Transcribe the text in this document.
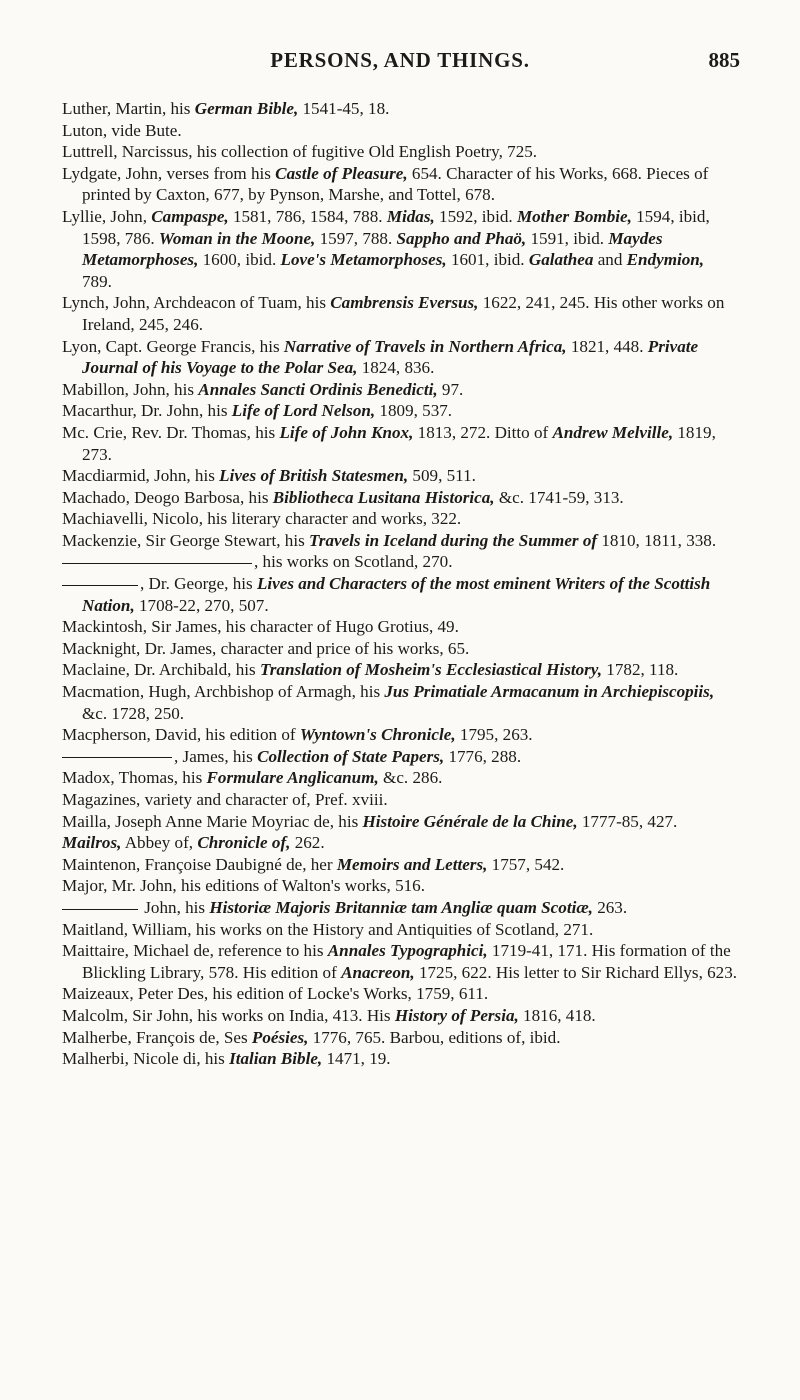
PERSONS, AND THINGS.	885

Luther, Martin, his German Bible, 1541-45, 18.

Luton, vide Bute.

Luttrell, Narcissus, his collection of fugitive Old English Poetry, 725.

Lydgate, John, verses from his Castle of Pleasure, 654. Character of his Works, 668. Pieces of printed by Caxton, 677, by Pynson, Marshe, and Tottel, 678.

Lyllie, John, Campaspe, 1581, 786, 1584, 788. Midas, 1592, ibid. Mother Bombie, 1594, ibid, 1598, 786. Woman in the Moone, 1597, 788. Sappho and Phaö, 1591, ibid. Maydes Metamorphoses, 1600, ibid. Love's Metamorphoses, 1601, ibid. Galathea and Endymion, 789.

Lynch, John, Archdeacon of Tuam, his Cambrensis Eversus, 1622, 241, 245. His other works on Ireland, 245, 246.

Lyon, Capt. George Francis, his Narrative of Travels in Northern Africa, 1821, 448. Private Journal of his Voyage to the Polar Sea, 1824, 836.

Mabillon, John, his Annales Sancti Ordinis Benedicti, 97.

Macarthur, Dr. John, his Life of Lord Nelson, 1809, 537.

Mc. Crie, Rev. Dr. Thomas, his Life of John Knox, 1813, 272. Ditto of Andrew Melville, 1819, 273.

Macdiarmid, John, his Lives of British Statesmen, 509, 511.

Machado, Deogo Barbosa, his Bibliotheca Lusitana Historica, &c. 1741-59, 313.

Machiavelli, Nicolo, his literary character and works, 322.

Mackenzie, Sir George Stewart, his Travels in Iceland during the Summer of 1810, 1811, 338.

, his works on Scotland, 270.

, Dr. George, his Lives and Characters of the most eminent Writers of the Scottish Nation, 1708-22, 270, 507.

Mackintosh, Sir James, his character of Hugo Grotius, 49.

Macknight, Dr. James, character and price of his works, 65.

Maclaine, Dr. Archibald, his Translation of Mosheim's Ecclesiastical History, 1782, 118.

Macmation, Hugh, Archbishop of Armagh, his Jus Primatiale Armacanum in Archiepiscopiis, &c. 1728, 250.

Macpherson, David, his edition of Wyntown's Chronicle, 1795, 263.

, James, his Collection of State Papers, 1776, 288.

Madox, Thomas, his Formulare Anglicanum, &c. 286.

Magazines, variety and character of, Pref. xviii.

Mailla, Joseph Anne Marie Moyriac de, his Histoire Générale de la Chine, 1777-85, 427.

Mailros, Abbey of, Chronicle of, 262.

Maintenon, Françoise Daubigné de, her Memoirs and Letters, 1757, 542.

Major, Mr. John, his editions of Walton's works, 516.

John, his Historiæ Majoris Britanniæ tam Angliæ quam Scotiæ, 263.

Maitland, William, his works on the History and Antiquities of Scotland, 271.

Maittaire, Michael de, reference to his Annales Typographici, 1719-41, 171. His formation of the Blickling Library, 578. His edition of Anacreon, 1725, 622. His letter to Sir Richard Ellys, 623.

Maizeaux, Peter Des, his edition of Locke's Works, 1759, 611.

Malcolm, Sir John, his works on India, 413. His History of Persia, 1816, 418.

Malherbe, François de, Ses Poésies, 1776, 765. Barbou, editions of, ibid.

Malherbi, Nicole di, his Italian Bible, 1471, 19.
